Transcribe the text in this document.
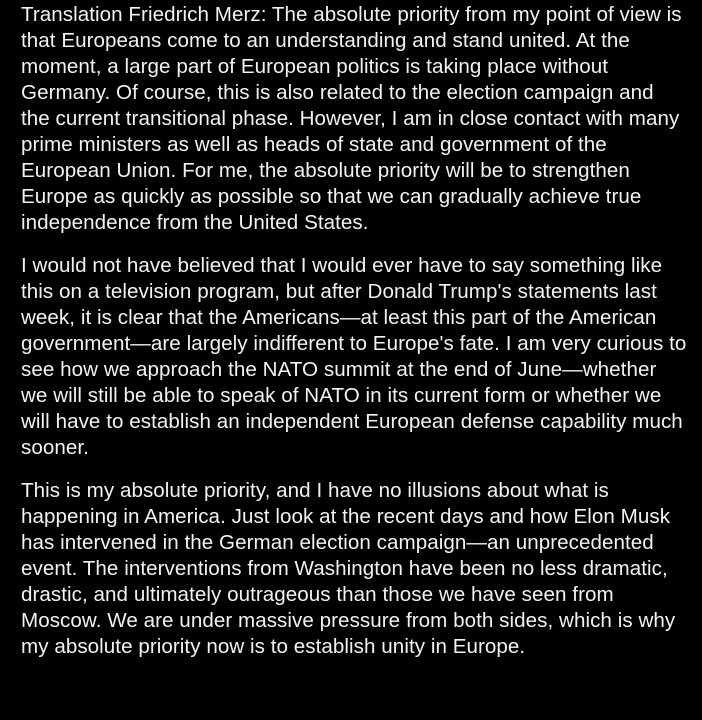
Translation Friedrich Merz: The absolute priority from my point of view is that Europeans come to an understanding and stand united. At the moment, a large part of European politics is taking place without Germany. Of course, this is also related to the election campaign and the current transitional phase. However, I am in close contact with many prime ministers as well as heads of state and government of the European Union. For me, the absolute priority will be to strengthen Europe as quickly as possible so that we can gradually achieve true independence from the United States.

I would not have believed that I would ever have to say something like this on a television program, but after Donald Trump's statements last week, it is clear that the Americans—at least this part of the American government—are largely indifferent to Europe's fate. I am very curious to see how we approach the NATO summit at the end of June—whether we will still be able to speak of NATO in its current form or whether we will have to establish an independent European defense capability much sooner.

This is my absolute priority, and I have no illusions about what is happening in America. Just look at the recent days and how Elon Musk has intervened in the German election campaign—an unprecedented event. The interventions from Washington have been no less dramatic, drastic, and ultimately outrageous than those we have seen from Moscow. We are under massive pressure from both sides, which is why my absolute priority now is to establish unity in Europe.
